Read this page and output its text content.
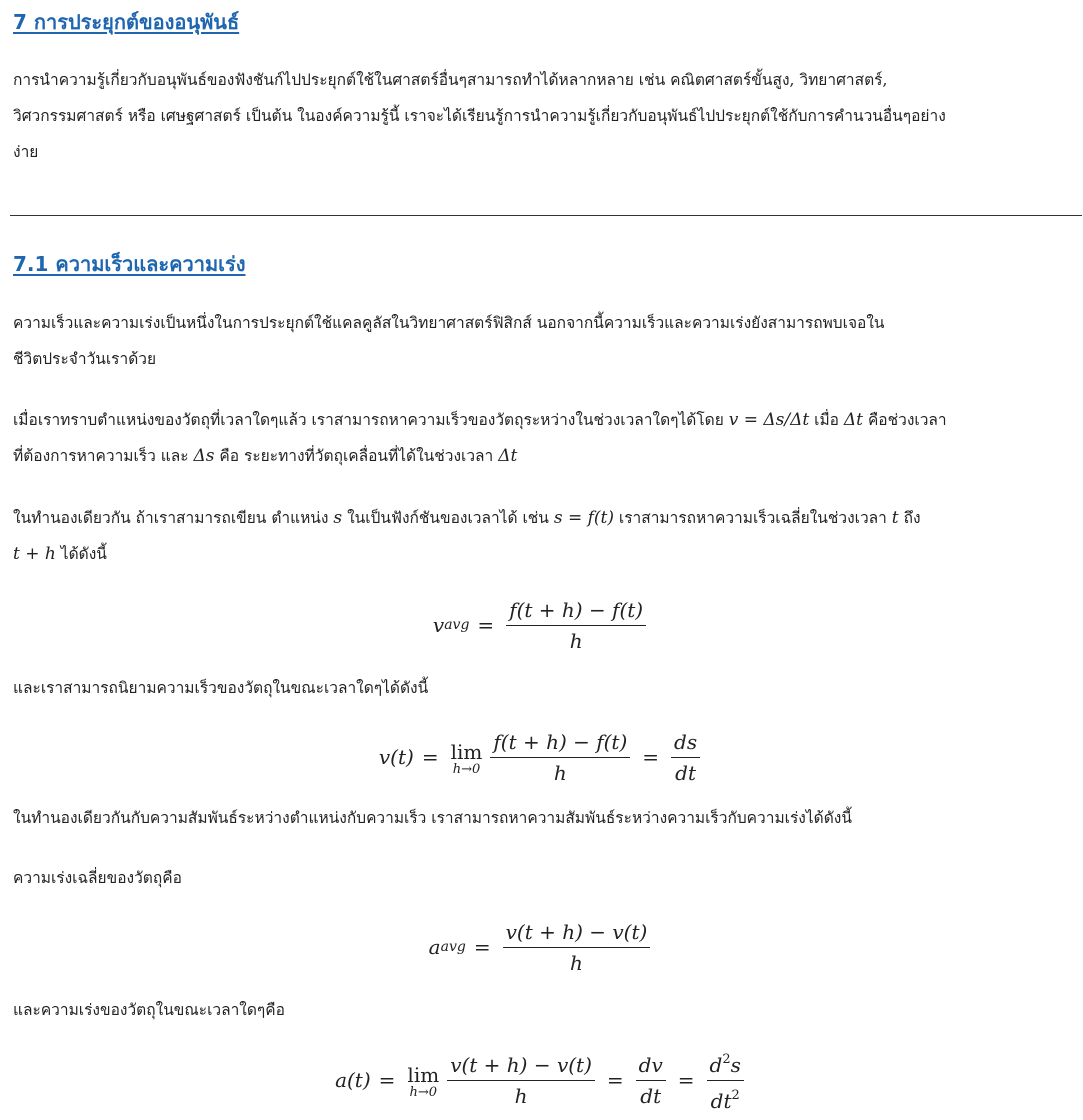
7 การประยุกต์ของอนุพันธ์
การนำความรู้เกี่ยวกับอนุพันธ์ของฟังชันก์ไปประยุกต์ใช้ในศาสตร์อื่นๆสามารถทำได้หลากหลาย เช่น คณิตศาสตร์ขั้นสูง, วิทยาศาสตร์,
วิศวกรรมศาสตร์ หรือ เศษฐศาสตร์ เป็นต้น ในองค์ความรู้นี้ เราจะได้เรียนรู้การนำความรู้เกี่ยวกับอนุพันธ์ไปประยุกต์ใช้กับการคำนวนอื่นๆอย่าง
ง่าย
7.1 ความเร็วและความเร่ง
ความเร็วและความเร่งเป็นหนึ่งในการประยุกต์ใช้แคลคูลัสในวิทยาศาสตร์ฟิสิกส์ นอกจากนี้ความเร็วและความเร่งยังสามารถพบเจอใน
ชีวิตประจำวันเราด้วย
เมื่อเราทราบตำแหน่งของวัตถุที่เวลาใดๆแล้ว เราสามารถหาความเร็วของวัตถุระหว่างในช่วงเวลาใดๆได้โดย v = Δs/Δt เมื่อ Δt คือช่วงเวลา
ที่ต้องการหาความเร็ว และ Δs คือ ระยะทางที่วัตถุเคลื่อนที่ได้ในช่วงเวลา Δt
ในทำนองเดียวกัน ถ้าเราสามารถเขียน ตำแหน่ง s ในเป็นฟังก์ชันของเวลาได้ เช่น s = f(t) เราสามารถหาความเร็วเฉลี่ยในช่วงเวลา t ถึง
t + h ได้ดังนี้
v avg = $\frac{f(t + h) - f(t)}{h}$
และเราสามารถนิยามความเร็วของวัตถุในขณะเวลาใดๆได้ดังนี้
v(t) = lim
$h\to 0 \frac{f(t + h) - f(t)}{h} = \frac{ds}{dt}$
ในทำนองเดียวกันกับความสัมพันธ์ระหว่างตำแหน่งกับความเร็ว เราสามารถหาความสัมพันธ์ระหว่างความเร็วกับความเร่งได้ดังนี้
ความเร่งเฉลี่ยของวัตถุคือ
a avg = $\frac{v(t + h) - v(t)}{h}$
และความเร่งของวัตถุในขณะเวลาใดๆคือ
a(t) = lim
$h\to 0 \frac{v(t + h) - v(t)}{h} = \frac{dv}{dt} = \frac{d^2s}{dt^2}$
